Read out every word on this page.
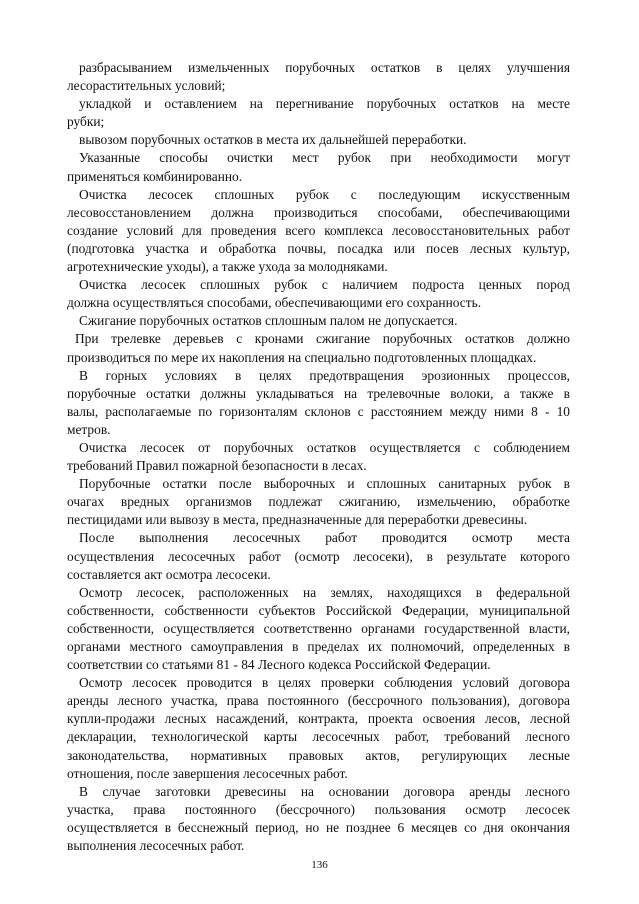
разбрасыванием измельченных порубочных остатков в целях улучшения
лесорастительных условий;
укладкой и оставлением на перегнивание порубочных остатков на месте
рубки;
вывозом порубочных остатков в места их дальнейшей переработки.
Указанные способы очистки мест рубок при необходимости могут
применяться комбинированно.
Очистка лесосек сплошных рубок с последующим искусственным
лесовосстановлением должна производиться способами, обеспечивающими
создание условий для проведения всего комплекса лесовосстановительных работ
(подготовка участка и обработка почвы, посадка или посев лесных культур,
агротехнические уходы), а также ухода за молодняками.
Очистка лесосек сплошных рубок с наличием подроста ценных пород
должна осуществляться способами, обеспечивающими его сохранность.
Сжигание порубочных остатков сплошным палом не допускается.
При трелевке деревьев с кронами сжигание порубочных остатков должно
производиться по мере их накопления на специально подготовленных площадках.
В горных условиях в целях предотвращения эрозионных процессов,
порубочные остатки должны укладываться на трелевочные волоки, а также в
валы, располагаемые по горизонталям склонов с расстоянием между ними 8 - 10
метров.
Очистка лесосек от порубочных остатков осуществляется с соблюдением
требований Правил пожарной безопасности в лесах.
Порубочные остатки после выборочных и сплошных санитарных рубок в
очагах вредных организмов подлежат сжиганию, измельчению, обработке
пестицидами или вывозу в места, предназначенные для переработки древесины.
После выполнения лесосечных работ проводится осмотр места
осуществления лесосечных работ (осмотр лесосеки), в результате которого
составляется акт осмотра лесосеки.
Осмотр лесосек, расположенных на землях, находящихся в федеральной
собственности, собственности субъектов Российской Федерации, муниципальной
собственности, осуществляется соответственно органами государственной власти,
органами местного самоуправления в пределах их полномочий, определенных в
соответствии со статьями 81 - 84 Лесного кодекса Российской Федерации.
Осмотр лесосек проводится в целях проверки соблюдения условий договора
аренды лесного участка, права постоянного (бессрочного пользования), договора
купли-продажи лесных насаждений, контракта, проекта освоения лесов, лесной
декларации, технологической карты лесосечных работ, требований лесного
законодательства, нормативных правовых актов, регулирующих лесные
отношения, после завершения лесосечных работ.
В случае заготовки древесины на основании договора аренды лесного
участка, права постоянного (бессрочного) пользования осмотр лесосек
осуществляется в бесснежный период, но не позднее 6 месяцев со дня окончания
выполнения лесосечных работ.
136
